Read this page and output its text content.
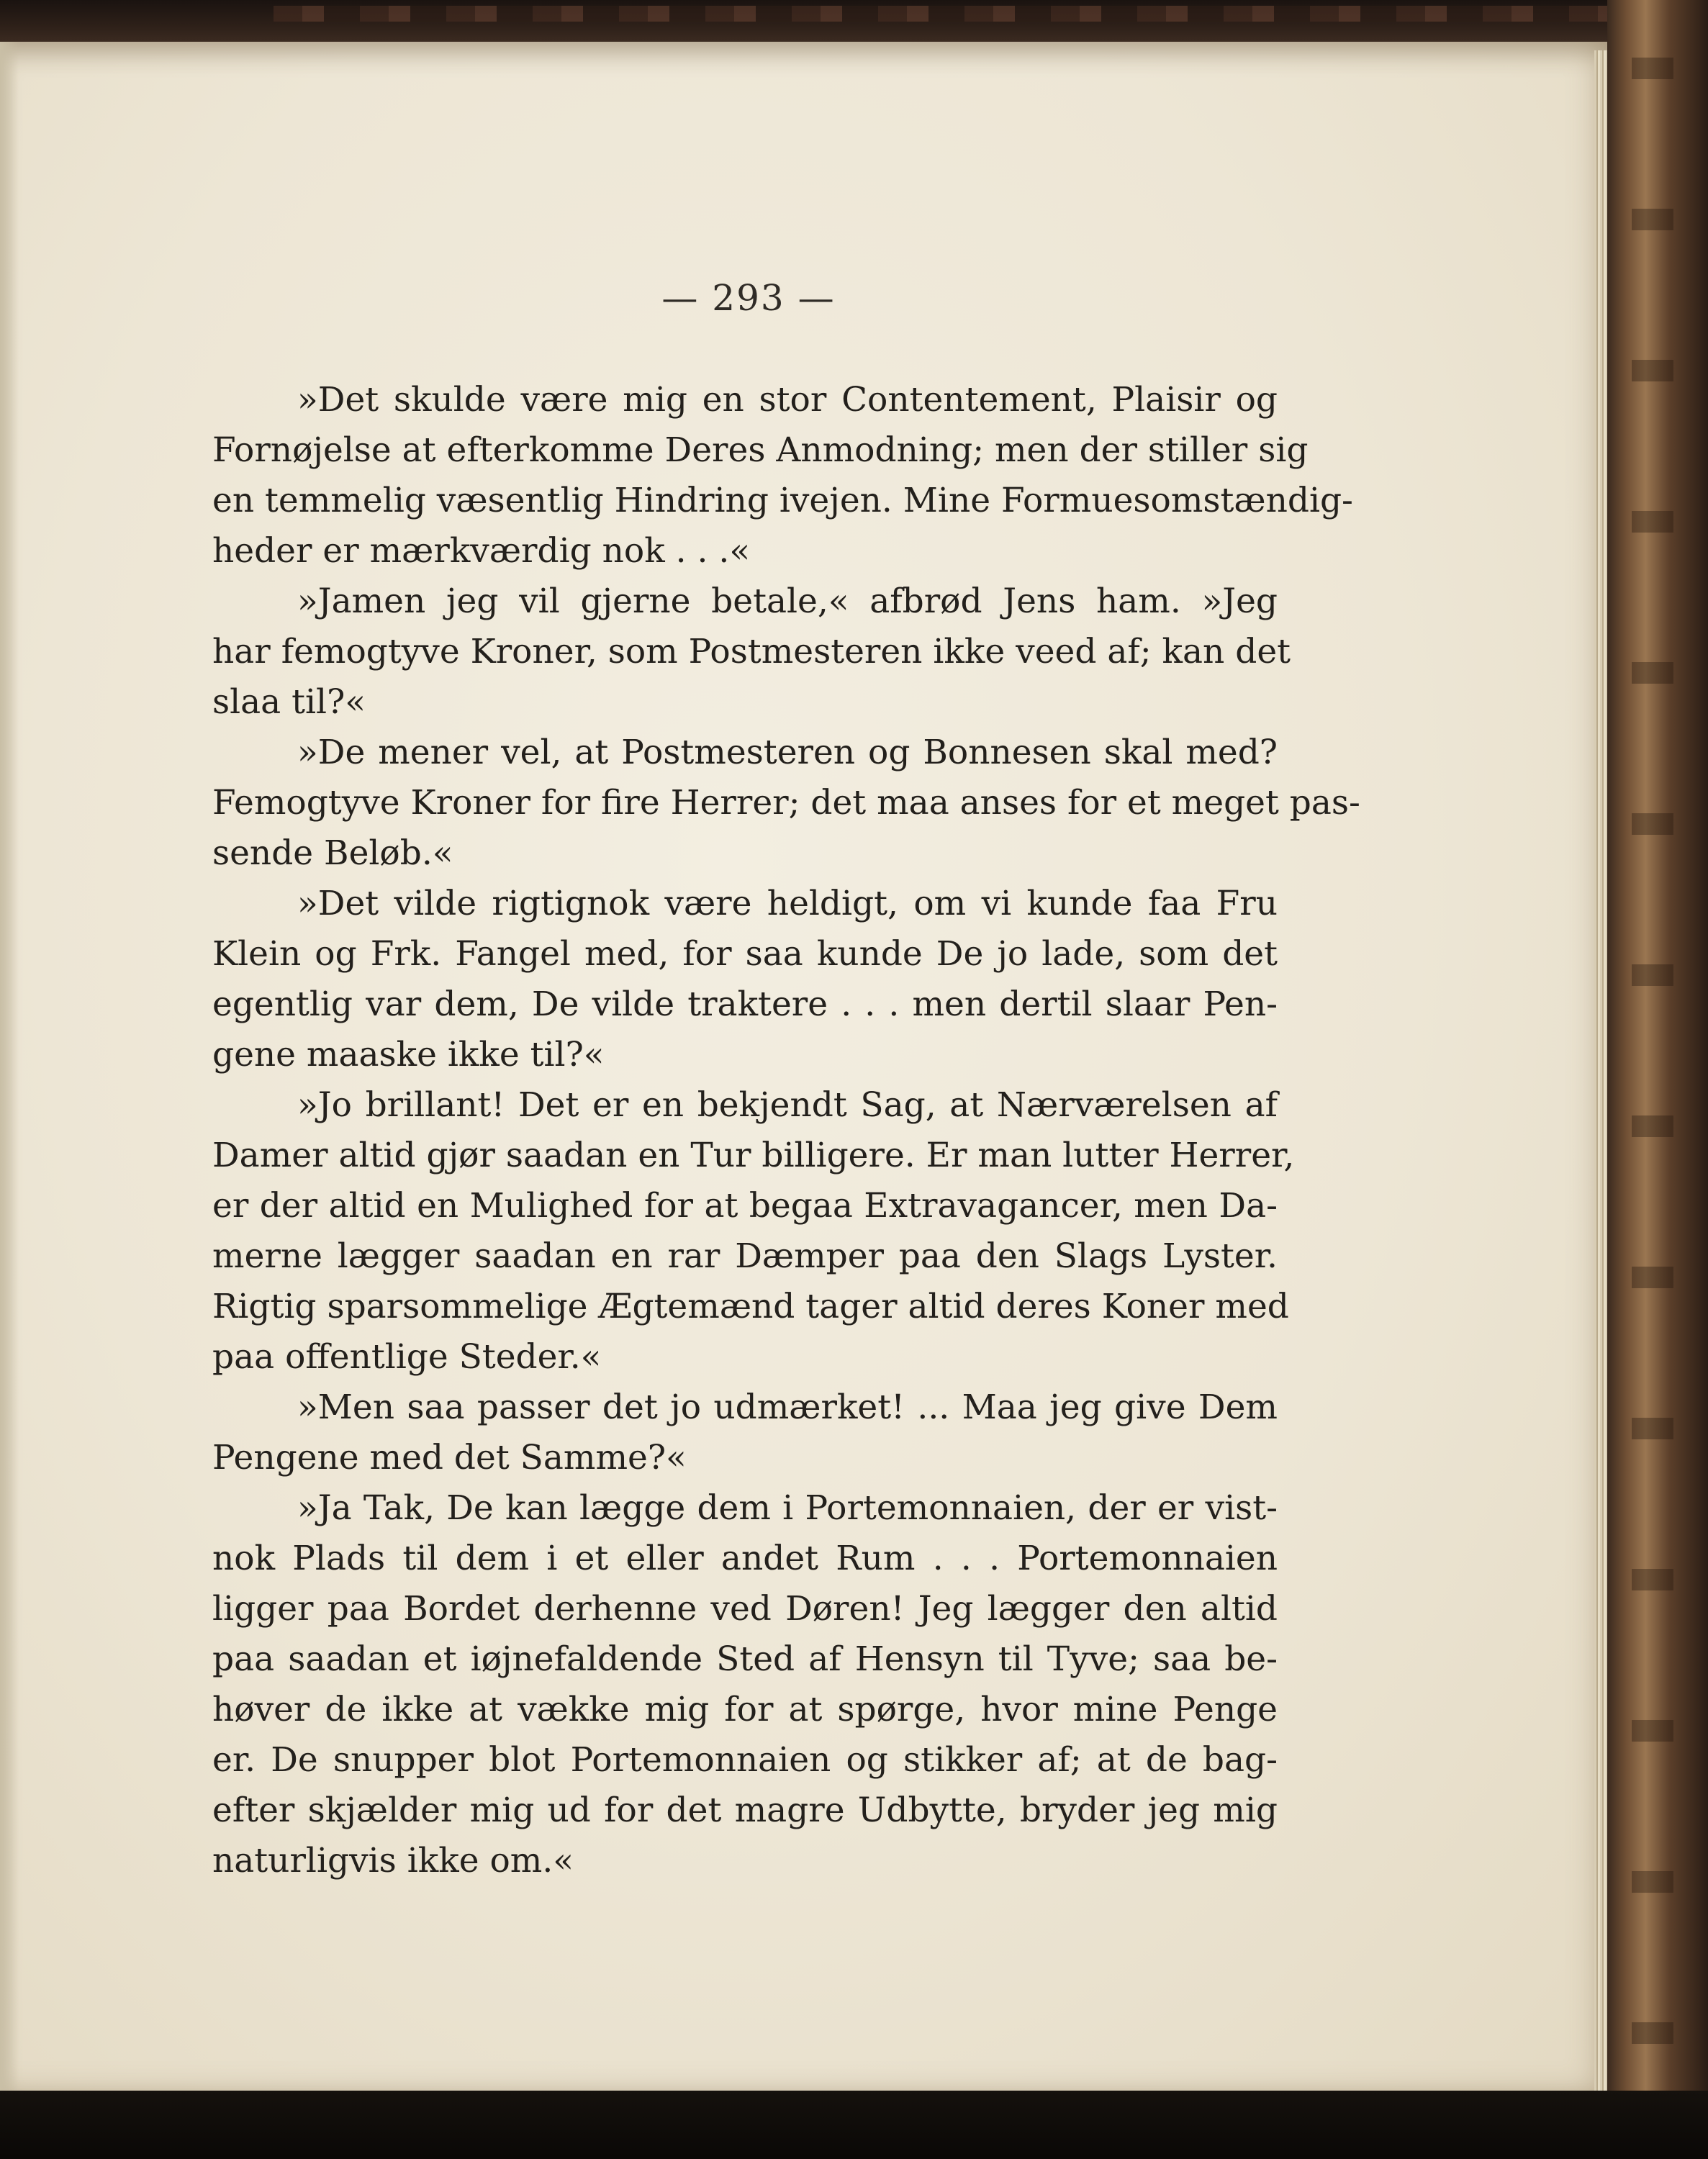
— 293 —
»Det skulde være mig en stor Contentement, Plaisir og
Fornøjelse at efterkomme Deres Anmodning; men der stiller sig
en temmelig væsentlig Hindring ivejen. Mine Formuesomstændig-
heder er mærkværdig nok . . .«
»Jamen jeg vil gjerne betale,« afbrød Jens ham. »Jeg
har femogtyve Kroner, som Postmesteren ikke veed af; kan det
slaa til?«
»De mener vel, at Postmesteren og Bonnesen skal med?
Femogtyve Kroner for fire Herrer; det maa anses for et meget pas-
sende Beløb.«
»Det vilde rigtignok være heldigt, om vi kunde faa Fru
Klein og Frk. Fangel med, for saa kunde De jo lade, som det
egentlig var dem, De vilde traktere . . . men dertil slaar Pen-
gene maaske ikke til?«
»Jo brillant! Det er en bekjendt Sag, at Nærværelsen af
Damer altid gjør saadan en Tur billigere. Er man lutter Herrer,
er der altid en Mulighed for at begaa Extravagancer, men Da-
merne lægger saadan en rar Dæmper paa den Slags Lyster.
Rigtig sparsommelige Ægtemænd tager altid deres Koner med
paa offentlige Steder.«
»Men saa passer det jo udmærket! ... Maa jeg give Dem
Pengene med det Samme?«
»Ja Tak, De kan lægge dem i Portemonnaien, der er vist-
nok Plads til dem i et eller andet Rum . . . Portemonnaien
ligger paa Bordet derhenne ved Døren! Jeg lægger den altid
paa saadan et iøjnefaldende Sted af Hensyn til Tyve; saa be-
høver de ikke at vække mig for at spørge, hvor mine Penge
er. De snupper blot Portemonnaien og stikker af; at de bag-
efter skjælder mig ud for det magre Udbytte, bryder jeg mig
naturligvis ikke om.«
